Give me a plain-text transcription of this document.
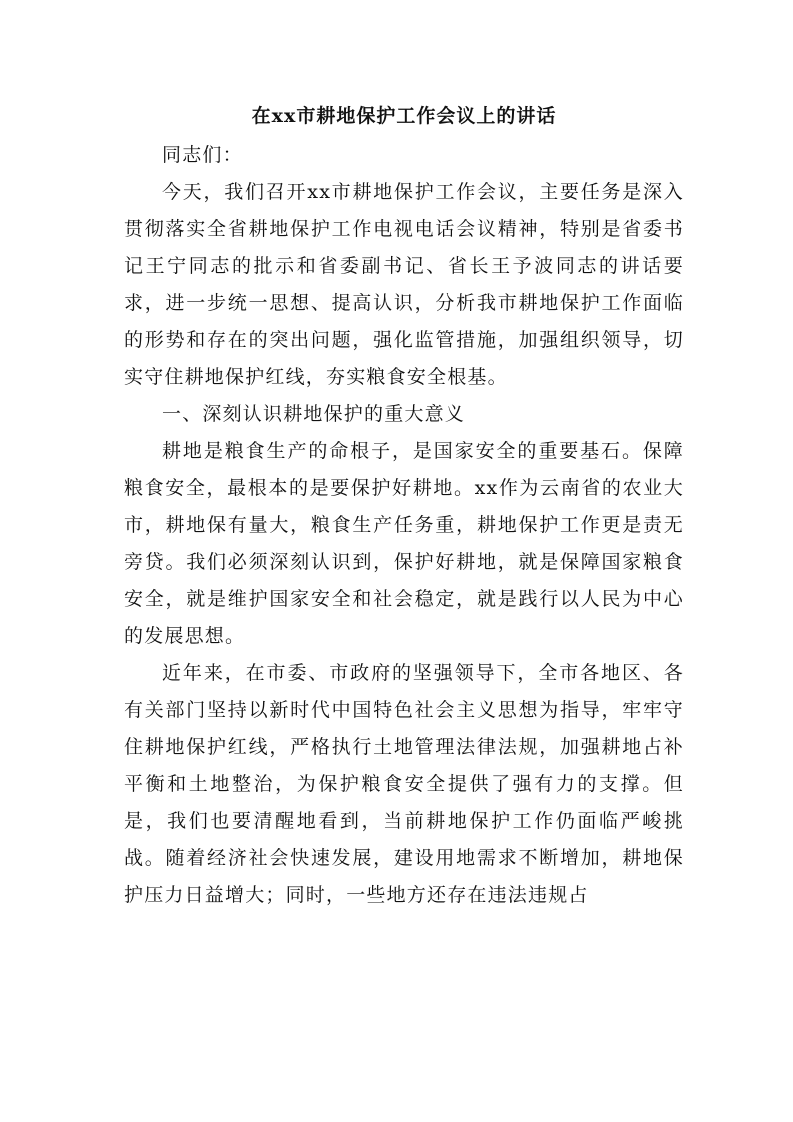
在xx市耕地保护工作会议上的讲话

同志们：

今天，我们召开xx市耕地保护工作会议，主要任务是深入贯彻落实全省耕地保护工作电视电话会议精神，特别是省委书记王宁同志的批示和省委副书记、省长王予波同志的讲话要求，进一步统一思想、提高认识，分析我市耕地保护工作面临的形势和存在的突出问题，强化监管措施，加强组织领导，切实守住耕地保护红线，夯实粮食安全根基。

一、深刻认识耕地保护的重大意义

耕地是粮食生产的命根子，是国家安全的重要基石。保障粮食安全，最根本的是要保护好耕地。xx作为云南省的农业大市，耕地保有量大，粮食生产任务重，耕地保护工作更是责无旁贷。我们必须深刻认识到，保护好耕地，就是保障国家粮食安全，就是维护国家安全和社会稳定，就是践行以人民为中心的发展思想。

近年来，在市委、市政府的坚强领导下，全市各地区、各有关部门坚持以新时代中国特色社会主义思想为指导，牢牢守住耕地保护红线，严格执行土地管理法律法规，加强耕地占补平衡和土地整治，为保护粮食安全提供了强有力的支撑。但是，我们也要清醒地看到，当前耕地保护工作仍面临严峻挑战。随着经济社会快速发展，建设用地需求不断增加，耕地保护压力日益增大；同时，一些地方还存在违法违规占
